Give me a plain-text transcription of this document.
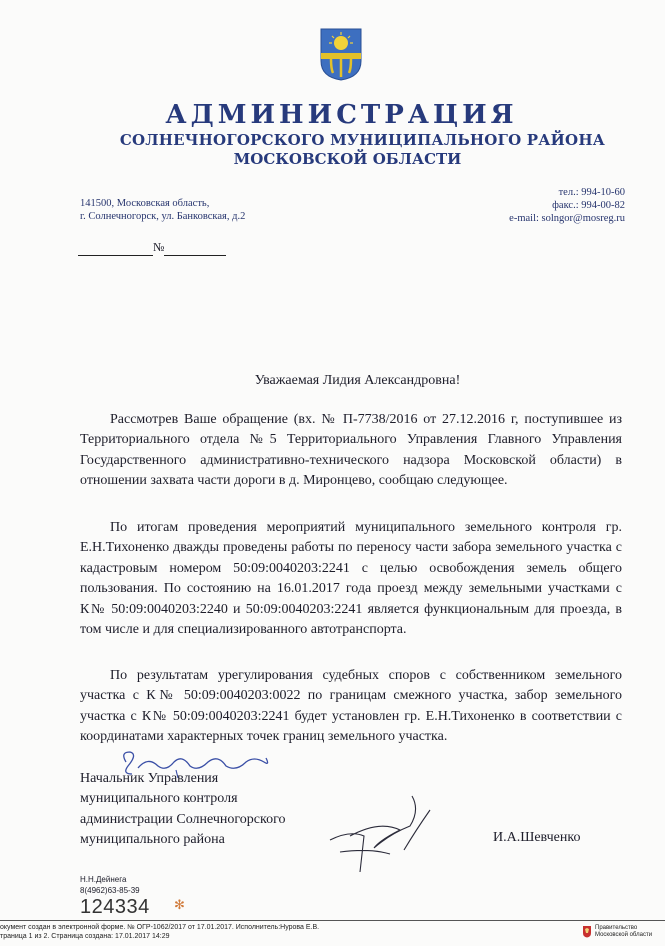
АДМИНИСТРАЦИЯ
СОЛНЕЧНОГОРСКОГО МУНИЦИПАЛЬНОГО РАЙОНА
МОСКОВСКОЙ ОБЛАСТИ
141500, Московская область,
г. Солнечногорск, ул. Банковская, д.2
тел.: 994-10-60
факс.: 994-00-82
e-mail: solngor@mosreg.ru
№
Уважаемая Лидия Александровна!
Рассмотрев Ваше обращение (вх. № П-7738/2016 от 27.12.2016 г, поступившее из Территориального отдела №5 Территориального Управления Главного Управления Государственного административно-технического надзора Московской области) в отношении захвата части дороги в д. Миронцево, сообщаю следующее.
По итогам проведения мероприятий муниципального земельного контроля гр. Е.Н.Тихоненко дважды проведены работы по переносу части забора земельного участка с кадастровым номером 50:09:0040203:2241 с целью освобождения земель общего пользования. По состоянию на 16.01.2017 года проезд между земельными участками с К№ 50:09:0040203:2240 и 50:09:0040203:2241 является функциональным для проезда, в том числе и для специализированного автотранспорта.
По результатам урегулирования судебных споров с собственником земельного участка с К№ 50:09:0040203:0022 по границам смежного участка, забор земельного участка с К№ 50:09:0040203:2241 будет установлен гр. Е.Н.Тихоненко в соответствии с координатами характерных точек границ земельного участка.
Начальник Управления
муниципального контроля
администрации Солнечногорского
муниципального района	И.А.Шевченко
Н.Н.Дейнега
8(4962)63-85-39
124334 ✻
окумент создан в электронной форме. № ОГР-1062/2017 от 17.01.2017. Исполнитель:Нурова Е.В.
траница 1 из 2. Страница создана: 17.01.2017 14:29
Правительство
Московской области
